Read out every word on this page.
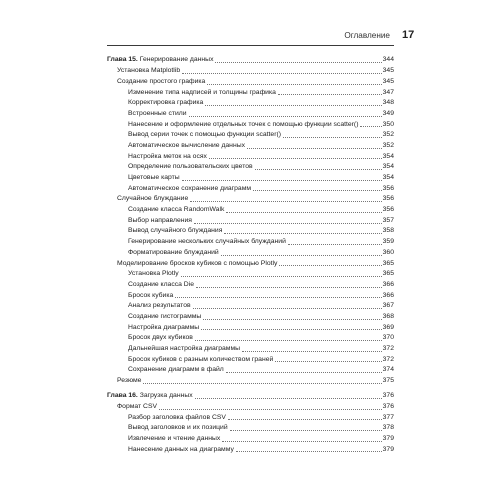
Оглавление 17
Глава 15. Генерирование данных	344
Установка Matplotlib	345
Создание простого графика	345
Изменение типа надписей и толщины графика	347
Корректировка графика	348
Встроенные стили	349
Нанесение и оформление отдельных точек с помощью функции scatter()	350
Вывод серии точек с помощью функции scatter()	352
Автоматическое вычисление данных	352
Настройка меток на осях	354
Определение пользовательских цветов	354
Цветовые карты	354
Автоматическое сохранение диаграмм	356
Случайное блуждание	356
Создание класса RandomWalk	356
Выбор направления	357
Вывод случайного блуждания	358
Генерирование нескольких случайных блужданий	359
Форматирование блужданий	360
Моделирование бросков кубиков с помощью Plotly	365
Установка Plotly	365
Создание класса Die	366
Бросок кубика	366
Анализ результатов	367
Создание гистограммы	368
Настройка диаграммы	369
Бросок двух кубиков	370
Дальнейшая настройка диаграммы	372
Бросок кубиков с разным количеством граней	372
Сохранение диаграмм в файл	374
Резюме	375
Глава 16. Загрузка данных	376
Формат CSV	376
Разбор заголовка файлов CSV	377
Вывод заголовков и их позиций	378
Извлечение и чтение данных	379
Нанесение данных на диаграмму	379
